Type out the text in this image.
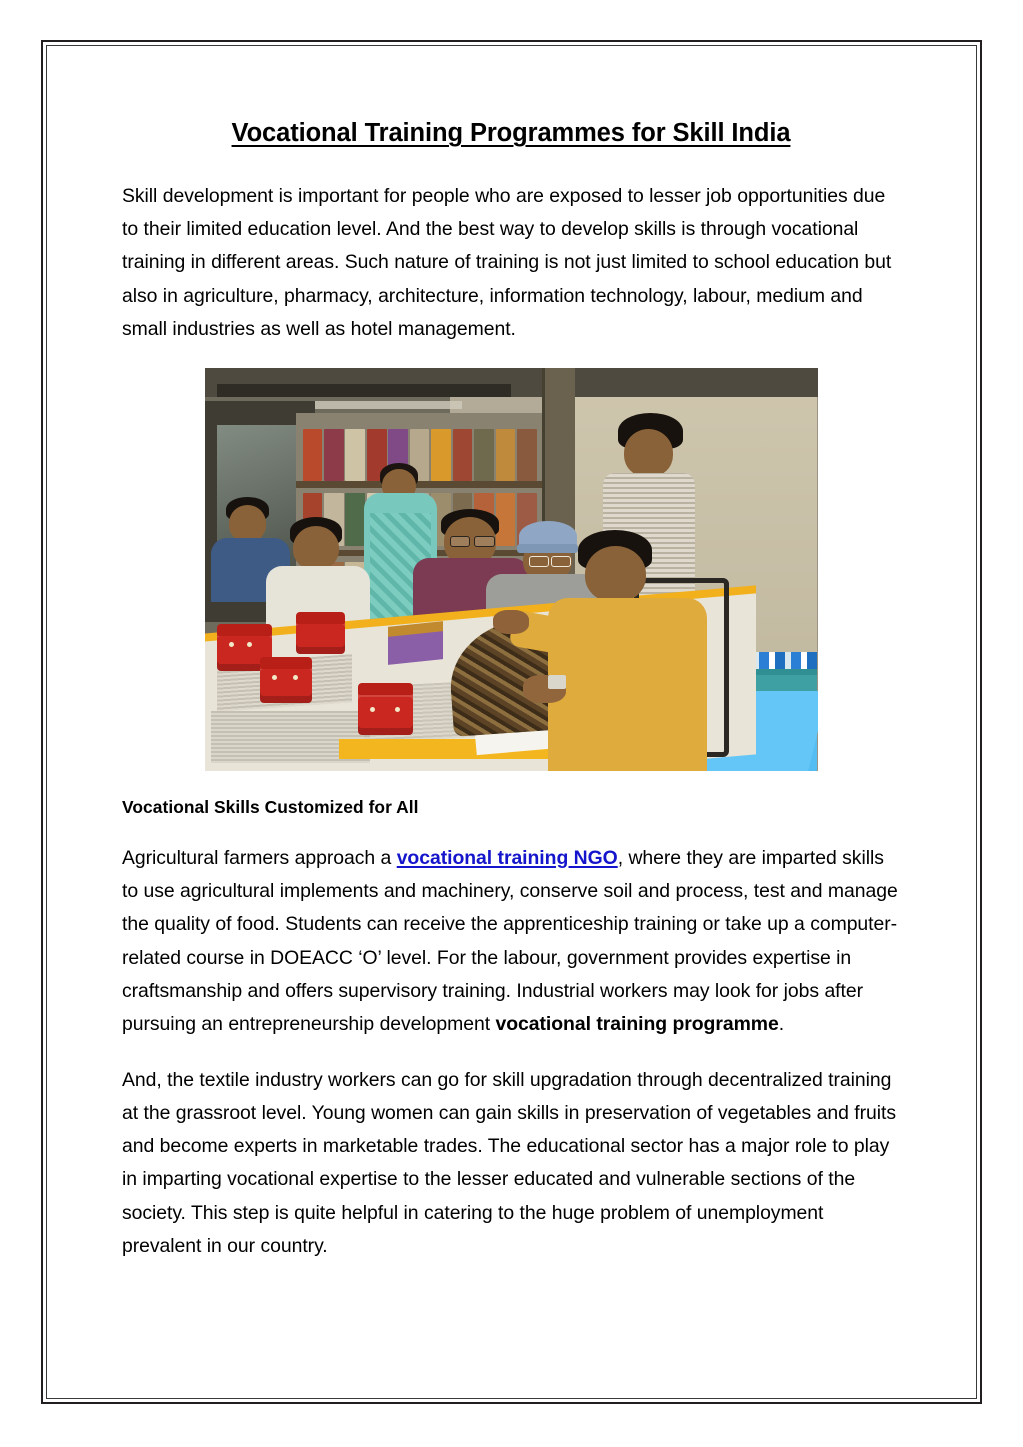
Vocational Training Programmes for Skill India

Skill development is important for people who are exposed to lesser job opportunities due to their limited education level. And the best way to develop skills is through vocational training in different areas. Such nature of training is not just limited to school education but also in agriculture, pharmacy, architecture, information technology, labour, medium and small industries as well as hotel management.

Vocational Skills Customized for All

Agricultural farmers approach a vocational training NGO, where they are imparted skills to use agricultural implements and machinery, conserve soil and process, test and manage the quality of food. Students can receive the apprenticeship training or take up a computer-related course in DOEACC ‘O’ level. For the labour, government provides expertise in craftsmanship and offers supervisory training. Industrial workers may look for jobs after pursuing an entrepreneurship development vocational training programme.

And, the textile industry workers can go for skill upgradation through decentralized training at the grassroot level. Young women can gain skills in preservation of vegetables and fruits and become experts in marketable trades. The educational sector has a major role to play in imparting vocational expertise to the lesser educated and vulnerable sections of the society. This step is quite helpful in catering to the huge problem of unemployment prevalent in our country.
